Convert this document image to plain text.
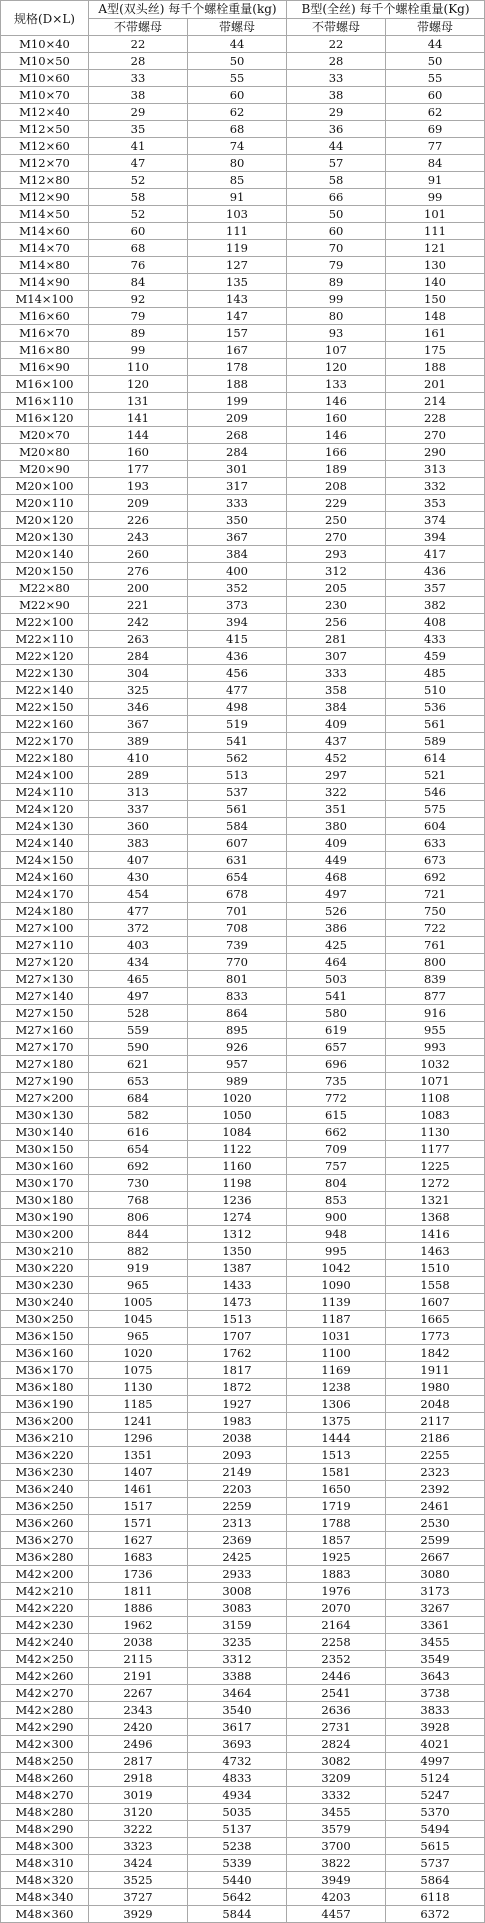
规格(D×L)	A型(双头丝) 每千个螺栓重量(kg)		B型(全丝) 每千个螺栓重量(Kg)	
	不带螺母	带螺母	不带螺母	带螺母
M10×40	22	44	22	44
M10×50	28	50	28	50
M10×60	33	55	33	55
M10×70	38	60	38	60
M12×40	29	62	29	62
M12×50	35	68	36	69
M12×60	41	74	44	77
M12×70	47	80	57	84
M12×80	52	85	58	91
M12×90	58	91	66	99
M14×50	52	103	50	101
M14×60	60	111	60	111
M14×70	68	119	70	121
M14×80	76	127	79	130
M14×90	84	135	89	140
M14×100	92	143	99	150
M16×60	79	147	80	148
M16×70	89	157	93	161
M16×80	99	167	107	175
M16×90	110	178	120	188
M16×100	120	188	133	201
M16×110	131	199	146	214
M16×120	141	209	160	228
M20×70	144	268	146	270
M20×80	160	284	166	290
M20×90	177	301	189	313
M20×100	193	317	208	332
M20×110	209	333	229	353
M20×120	226	350	250	374
M20×130	243	367	270	394
M20×140	260	384	293	417
M20×150	276	400	312	436
M22×80	200	352	205	357
M22×90	221	373	230	382
M22×100	242	394	256	408
M22×110	263	415	281	433
M22×120	284	436	307	459
M22×130	304	456	333	485
M22×140	325	477	358	510
M22×150	346	498	384	536
M22×160	367	519	409	561
M22×170	389	541	437	589
M22×180	410	562	452	614
M24×100	289	513	297	521
M24×110	313	537	322	546
M24×120	337	561	351	575
M24×130	360	584	380	604
M24×140	383	607	409	633
M24×150	407	631	449	673
M24×160	430	654	468	692
M24×170	454	678	497	721
M24×180	477	701	526	750
M27×100	372	708	386	722
M27×110	403	739	425	761
M27×120	434	770	464	800
M27×130	465	801	503	839
M27×140	497	833	541	877
M27×150	528	864	580	916
M27×160	559	895	619	955
M27×170	590	926	657	993
M27×180	621	957	696	1032
M27×190	653	989	735	1071
M27×200	684	1020	772	1108
M30×130	582	1050	615	1083
M30×140	616	1084	662	1130
M30×150	654	1122	709	1177
M30×160	692	1160	757	1225
M30×170	730	1198	804	1272
M30×180	768	1236	853	1321
M30×190	806	1274	900	1368
M30×200	844	1312	948	1416
M30×210	882	1350	995	1463
M30×220	919	1387	1042	1510
M30×230	965	1433	1090	1558
M30×240	1005	1473	1139	1607
M30×250	1045	1513	1187	1665
M36×150	965	1707	1031	1773
M36×160	1020	1762	1100	1842
M36×170	1075	1817	1169	1911
M36×180	1130	1872	1238	1980
M36×190	1185	1927	1306	2048
M36×200	1241	1983	1375	2117
M36×210	1296	2038	1444	2186
M36×220	1351	2093	1513	2255
M36×230	1407	2149	1581	2323
M36×240	1461	2203	1650	2392
M36×250	1517	2259	1719	2461
M36×260	1571	2313	1788	2530
M36×270	1627	2369	1857	2599
M36×280	1683	2425	1925	2667
M42×200	1736	2933	1883	3080
M42×210	1811	3008	1976	3173
M42×220	1886	3083	2070	3267
M42×230	1962	3159	2164	3361
M42×240	2038	3235	2258	3455
M42×250	2115	3312	2352	3549
M42×260	2191	3388	2446	3643
M42×270	2267	3464	2541	3738
M42×280	2343	3540	2636	3833
M42×290	2420	3617	2731	3928
M42×300	2496	3693	2824	4021
M48×250	2817	4732	3082	4997
M48×260	2918	4833	3209	5124
M48×270	3019	4934	3332	5247
M48×280	3120	5035	3455	5370
M48×290	3222	5137	3579	5494
M48×300	3323	5238	3700	5615
M48×310	3424	5339	3822	5737
M48×320	3525	5440	3949	5864
M48×340	3727	5642	4203	6118
M48×360	3929	5844	4457	6372
